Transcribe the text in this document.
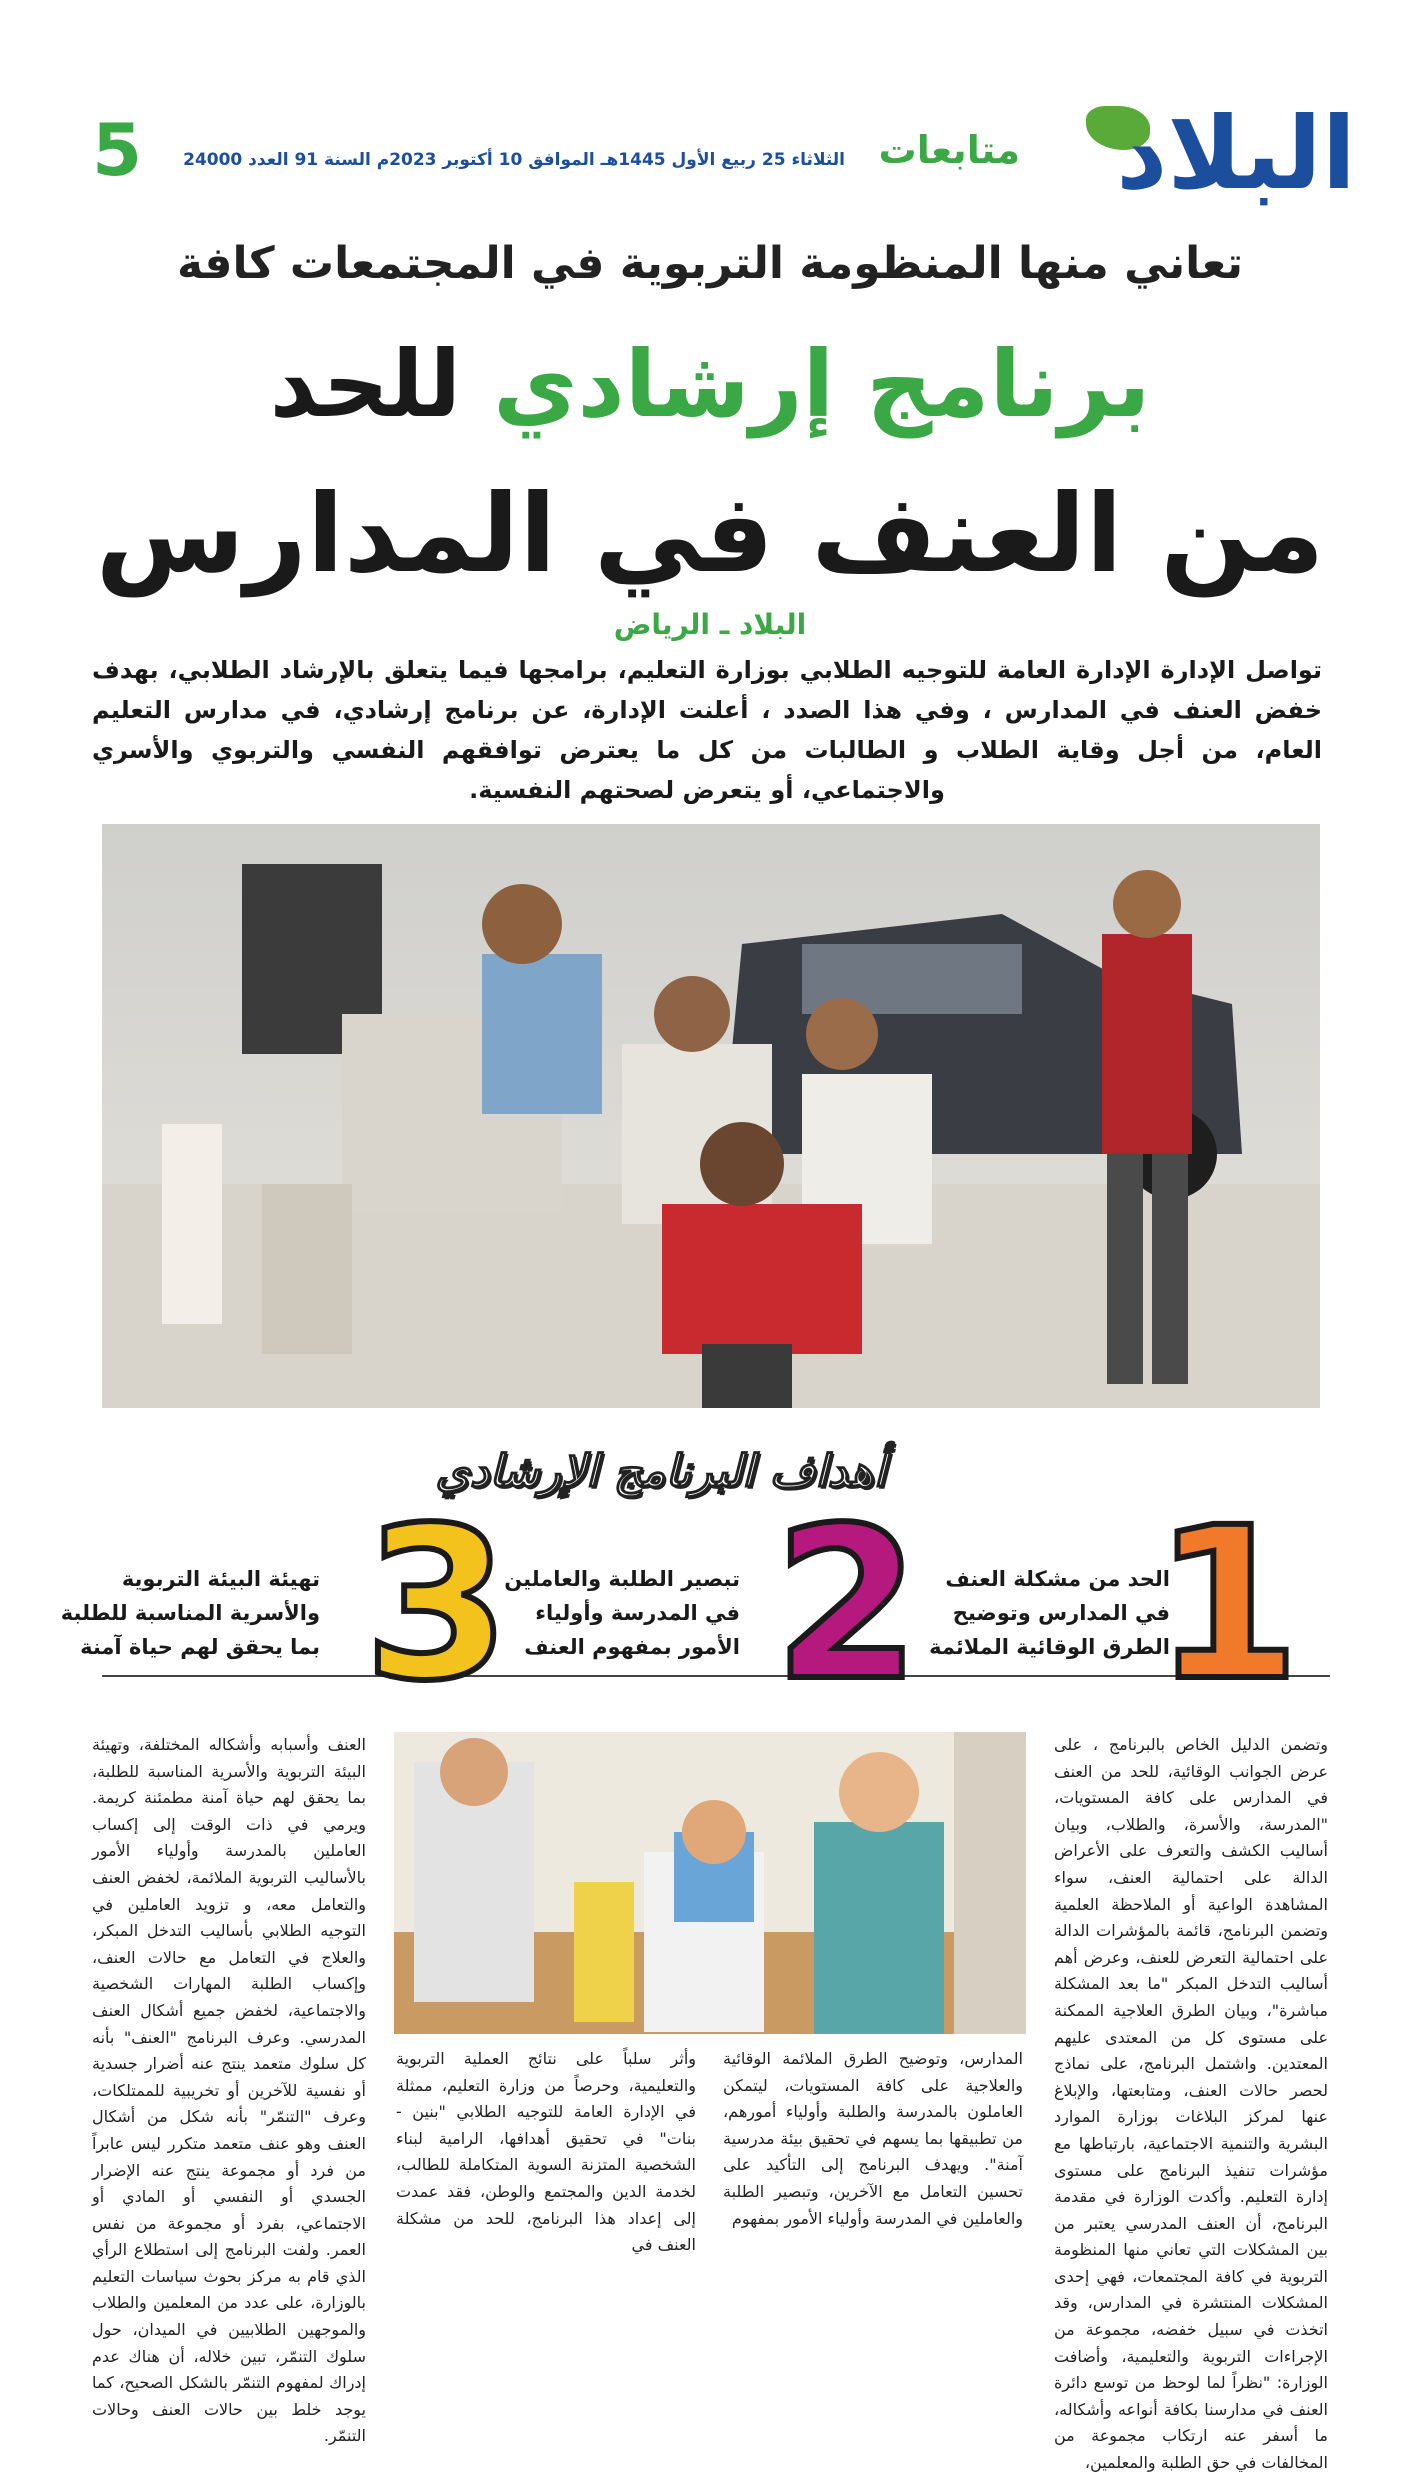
البلاد
متابعات
الثلاثاء 25 ربيع الأول 1445هـ الموافق 10 أكتوبر 2023م السنة 91 العدد 24000
5
تعاني منها المنظومة التربوية في المجتمعات كافة
برنامج إرشادي للحد
من العنف في المدارس
البلاد ـ الرياض
تواصل الإدارة الإدارة العامة للتوجيه الطلابي بوزارة التعليم، برامجها فيما يتعلق بالإرشاد الطلابي، بهدف خفض العنف في المدارس ، وفي هذا الصدد ، أعلنت الإدارة، عن برنامج إرشادي، في مدارس التعليم العام، من أجل وقاية الطلاب و الطالبات من كل ما يعترض توافقهم النفسي والتربوي والأسري والاجتماعي، أو يتعرض لصحتهم النفسية.
أهداف البرنامج الإرشادي
1
الحد من مشكلة العنف
في المدارس وتوضيح
الطرق الوقائية الملائمة
2
تبصير الطلبة والعاملين
في المدرسة وأولياء
الأمور بمفهوم العنف
3
تهيئة البيئة التربوية
والأسرية المناسبة للطلبة
بما يحقق لهم حياة آمنة
وتضمن الدليل الخاص بالبرنامج ، على عرض الجوانب الوقائية، للحد من العنف في المدارس على كافة المستويات، "المدرسة، والأسرة، والطلاب، وبيان أساليب الكشف والتعرف على الأعراض الدالة على احتمالية العنف، سواء المشاهدة الواعية أو الملاحظة العلمية وتضمن البرنامج، قائمة بالمؤشرات الدالة على احتمالية التعرض للعنف، وعرض أهم أساليب التدخل المبكر "ما بعد المشكلة مباشرة"، وبيان الطرق العلاجية الممكنة على مستوى كل من المعتدى عليهم المعتدين. واشتمل البرنامج، على نماذج لحصر حالات العنف، ومتابعتها، والإبلاغ عنها لمركز البلاغات بوزارة الموارد البشرية والتنمية الاجتماعية، بارتباطها مع مؤشرات تنفيذ البرنامج على مستوى إدارة التعليم. وأكدت الوزارة في مقدمة البرنامج، أن العنف المدرسي يعتبر من بين المشكلات التي تعاني منها المنظومة التربوية في كافة المجتمعات، فهي إحدى المشكلات المنتشرة في المدارس، وقد اتخذت في سبيل خفضه، مجموعة من الإجراءات التربوية والتعليمية، وأضافت الوزارة: "نظراً لما لوحظ من توسع دائرة العنف في مدارسنا بكافة أنواعه وأشكاله، ما أسفر عنه ارتكاب مجموعة من المخالفات في حق الطلبة والمعلمين،
وأثر سلباً على نتائج العملية التربوية والتعليمية، وحرصاً من وزارة التعليم، ممثلة في الإدارة العامة للتوجيه الطلابي "بنين - بنات" في تحقيق أهدافها، الرامية لبناء الشخصية المتزنة السوية المتكاملة للطالب، لخدمة الدين والمجتمع والوطن، فقد عمدت إلى إعداد هذا البرنامج، للحد من مشكلة العنف في
المدارس، وتوضيح الطرق الملائمة الوقائية والعلاجية على كافة المستويات، ليتمكن العاملون بالمدرسة والطلبة وأولياء أمورهم، من تطبيقها بما يسهم في تحقيق بيئة مدرسية آمنة". ويهدف البرنامج إلى التأكيد على تحسين التعامل مع الآخرين، وتبصير الطلبة والعاملين في المدرسة وأولياء الأمور بمفهوم
العنف وأسبابه وأشكاله المختلفة، وتهيئة البيئة التربوية والأسرية المناسبة للطلبة، بما يحقق لهم حياة آمنة مطمئنة كريمة. ويرمي في ذات الوقت إلى إكساب العاملين بالمدرسة وأولياء الأمور بالأساليب التربوية الملائمة، لخفض العنف والتعامل معه، و تزويد العاملين في التوجيه الطلابي بأساليب التدخل المبكر، والعلاج في التعامل مع حالات العنف، وإكساب الطلبة المهارات الشخصية والاجتماعية، لخفض جميع أشكال العنف المدرسي. وعرف البرنامج "العنف" بأنه كل سلوك متعمد ينتج عنه أضرار جسدية أو نفسية للآخرين أو تخريبية للممتلكات، وعرف "التنمّر" بأنه شكل من أشكال العنف وهو عنف متعمد متكرر ليس عابراً من فرد أو مجموعة ينتج عنه الإضرار الجسدي أو النفسي أو المادي أو الاجتماعي، بفرد أو مجموعة من نفس العمر. ولفت البرنامج إلى استطلاع الرأي الذي قام به مركز بحوث سياسات التعليم بالوزارة، على عدد من المعلمين والطلاب والموجهين الطلابيين في الميدان، حول سلوك التنمّر، تبين خلاله، أن هناك عدم إدراك لمفهوم التنمّر بالشكل الصحيح، كما يوجد خلط بين حالات العنف وحالات التنمّر.
